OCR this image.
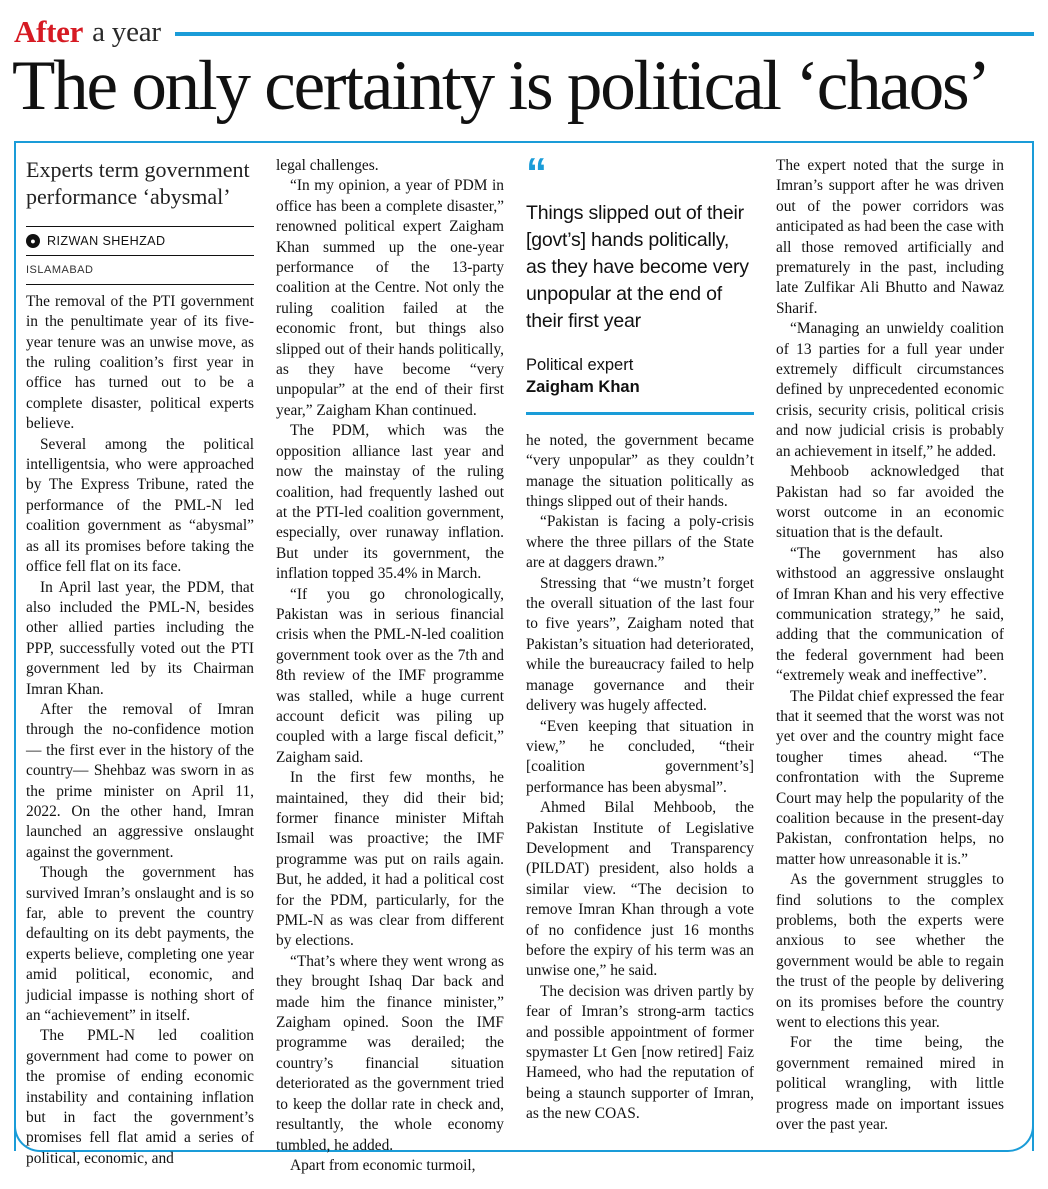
After a year
The only certainty is political ‘chaos’
Experts term government performance ‘abysmal’
● RIZWAN SHEHZAD
ISLAMABAD

The removal of the PTI government in the penultimate year of its five-year tenure was an unwise move, as the ruling coalition’s first year in office has turned out to be a complete disaster, political experts believe.

Several among the political intelligentsia, who were approached by The Express Tribune, rated the performance of the PML-N led coalition government as “abysmal” as all its promises before taking the office fell flat on its face.

In April last year, the PDM, that also included the PML-N, besides other allied parties including the PPP, successfully voted out the PTI government led by its Chairman Imran Khan.

After the removal of Imran through the no-confidence motion — the first ever in the history of the country— Shehbaz was sworn in as the prime minister on April 11, 2022. On the other hand, Imran launched an aggressive onslaught against the government.

Though the government has survived Imran’s onslaught and is so far, able to prevent the country defaulting on its debt payments, the experts believe, completing one year amid political, economic, and judicial impasse is nothing short of an “achievement” in itself.

The PML-N led coalition government had come to power on the promise of ending economic instability and containing inflation but in fact the government’s promises fell flat amid a series of political, economic, and

legal challenges.

“In my opinion, a year of PDM in office has been a complete disaster,” renowned political expert Zaigham Khan summed up the one-year performance of the 13-party coalition at the Centre. Not only the ruling coalition failed at the economic front, but things also slipped out of their hands politically, as they have become “very unpopular” at the end of their first year,” Zaigham Khan continued.

The PDM, which was the opposition alliance last year and now the mainstay of the ruling coalition, had frequently lashed out at the PTI-led coalition government, especially, over runaway inflation. But under its government, the inflation topped 35.4% in March.

“If you go chronologically, Pakistan was in serious financial crisis when the PML-N-led coalition government took over as the 7th and 8th review of the IMF programme was stalled, while a huge current account deficit was piling up coupled with a large fiscal deficit,” Zaigham said.

In the first few months, he maintained, they did their bid; former finance minister Miftah Ismail was proactive; the IMF programme was put on rails again. But, he added, it had a political cost for the PDM, particularly, for the PML-N as was clear from different by elections.

“That’s where they went wrong as they brought Ishaq Dar back and made him the finance minister,” Zaigham opined. Soon the IMF programme was derailed; the country’s financial situation deteriorated as the government tried to keep the dollar rate in check and, resultantly, the whole economy tumbled, he added.

Apart from economic turmoil,

“
Things slipped out of their [govt’s] hands politically, as they have become very unpopular at the end of their first year
Political expert
Zaigham Khan

he noted, the government became “very unpopular” as they couldn’t manage the situation politically as things slipped out of their hands.

“Pakistan is facing a poly-crisis where the three pillars of the State are at daggers drawn.”

Stressing that “we mustn’t forget the overall situation of the last four to five years”, Zaigham noted that Pakistan’s situation had deteriorated, while the bureaucracy failed to help manage governance and their delivery was hugely affected.

“Even keeping that situation in view,” he concluded, “their [coalition government’s] performance has been abysmal”.

Ahmed Bilal Mehboob, the Pakistan Institute of Legislative Development and Transparency (PILDAT) president, also holds a similar view. “The decision to remove Imran Khan through a vote of no confidence just 16 months before the expiry of his term was an unwise one,” he said.

The decision was driven partly by fear of Imran’s strong-arm tactics and possible appointment of former spymaster Lt Gen [now retired] Faiz Hameed, who had the reputation of being a staunch supporter of Imran, as the new COAS.

The expert noted that the surge in Imran’s support after he was driven out of the power corridors was anticipated as had been the case with all those removed artificially and prematurely in the past, including late Zulfikar Ali Bhutto and Nawaz Sharif.

“Managing an unwieldy coalition of 13 parties for a full year under extremely difficult circumstances defined by unprecedented economic crisis, security crisis, political crisis and now judicial crisis is probably an achievement in itself,” he added.

Mehboob acknowledged that Pakistan had so far avoided the worst outcome in an economic situation that is the default.

“The government has also withstood an aggressive onslaught of Imran Khan and his very effective communication strategy,” he said, adding that the communication of the federal government had been “extremely weak and ineffective”.

The Pildat chief expressed the fear that it seemed that the worst was not yet over and the country might face tougher times ahead. “The confrontation with the Supreme Court may help the popularity of the coalition because in the present-day Pakistan, confrontation helps, no matter how unreasonable it is.”

As the government struggles to find solutions to the complex problems, both the experts were anxious to see whether the government would be able to regain the trust of the people by delivering on its promises before the country went to elections this year.

For the time being, the government remained mired in political wrangling, with little progress made on important issues over the past year.
